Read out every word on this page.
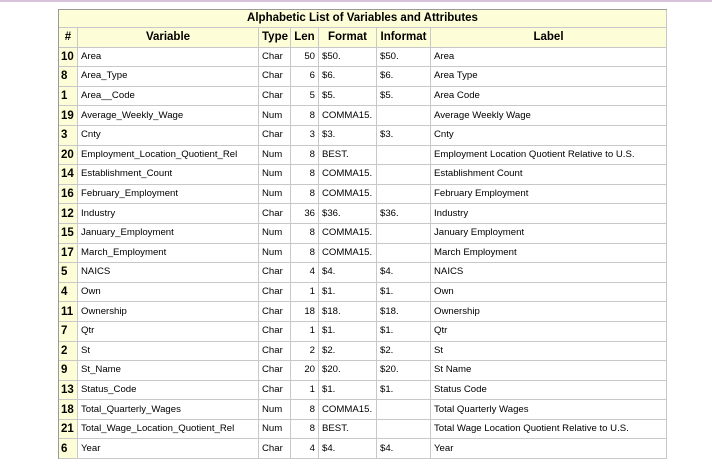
Alphabetic List of Variables and Attributes						
#	Variable	Type	Len	Format	Informat	Label
10	Area	Char	50	$50.	$50.	Area
8	Area_Type	Char	6	$6.	$6.	Area Type
1	Area__Code	Char	5	$5.	$5.	Area Code
19	Average_Weekly_Wage	Num	8	COMMA15.		Average Weekly Wage
3	Cnty	Char	3	$3.	$3.	Cnty
20	Employment_Location_Quotient_Rel	Num	8	BEST.		Employment Location Quotient Relative to U.S.
14	Establishment_Count	Num	8	COMMA15.		Establishment Count
16	February_Employment	Num	8	COMMA15.		February Employment
12	Industry	Char	36	$36.	$36.	Industry
15	January_Employment	Num	8	COMMA15.		January Employment
17	March_Employment	Num	8	COMMA15.		March Employment
5	NAICS	Char	4	$4.	$4.	NAICS
4	Own	Char	1	$1.	$1.	Own
11	Ownership	Char	18	$18.	$18.	Ownership
7	Qtr	Char	1	$1.	$1.	Qtr
2	St	Char	2	$2.	$2.	St
9	St_Name	Char	20	$20.	$20.	St Name
13	Status_Code	Char	1	$1.	$1.	Status Code
18	Total_Quarterly_Wages	Num	8	COMMA15.		Total Quarterly Wages
21	Total_Wage_Location_Quotient_Rel	Num	8	BEST.		Total Wage Location Quotient Relative to U.S.
6	Year	Char	4	$4.	$4.	Year
